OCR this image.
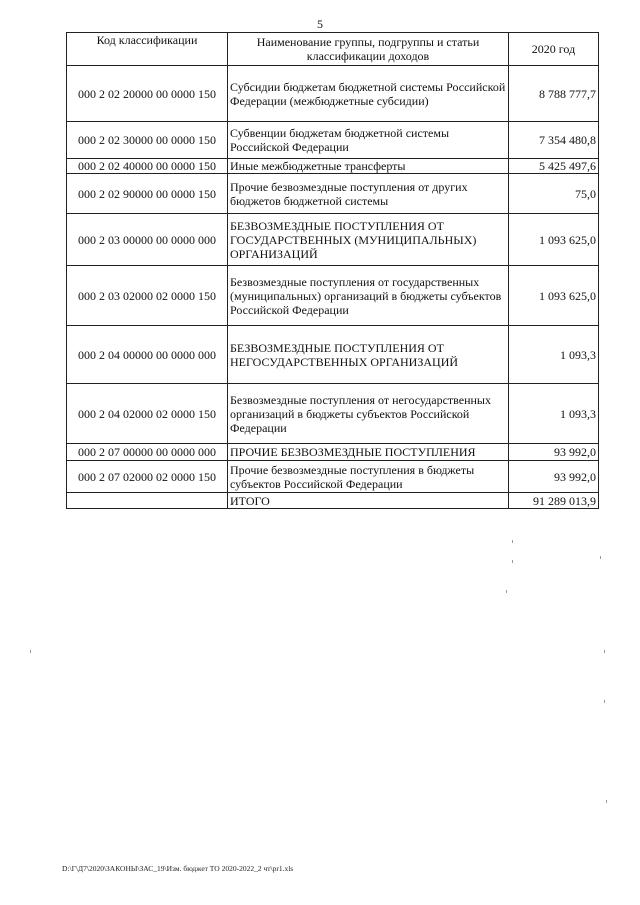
5
Код классификации	Наименование группы, подгруппы и статьи классификации доходов	2020 год
000 2 02 20000 00 0000 150	Субсидии бюджетам бюджетной системы Российской Федерации (межбюджетные субсидии)	8 788 777,7
000 2 02 30000 00 0000 150	Субвенции бюджетам бюджетной системы Российской Федерации	7 354 480,8
000 2 02 40000 00 0000 150	Иные межбюджетные трансферты	5 425 497,6
000 2 02 90000 00 0000 150	Прочие безвозмездные поступления от других бюджетов бюджетной системы	75,0
000 2 03 00000 00 0000 000	БЕЗВОЗМЕЗДНЫЕ ПОСТУПЛЕНИЯ ОТ ГОСУДАРСТВЕННЫХ (МУНИЦИПАЛЬНЫХ) ОРГАНИЗАЦИЙ	1 093 625,0
000 2 03 02000 02 0000 150	Безвозмездные поступления от государственных (муниципальных) организаций в бюджеты субъектов Российской Федерации	1 093 625,0
000 2 04 00000 00 0000 000	БЕЗВОЗМЕЗДНЫЕ ПОСТУПЛЕНИЯ ОТ НЕГОСУДАРСТВЕННЫХ ОРГАНИЗАЦИЙ	1 093,3
000 2 04 02000 02 0000 150	Безвозмездные поступления от негосударственных организаций в бюджеты субъектов Российской Федерации	1 093,3
000 2 07 00000 00 0000 000	ПРОЧИЕ БЕЗВОЗМЕЗДНЫЕ ПОСТУПЛЕНИЯ	93 992,0
000 2 07 02000 02 0000 150	Прочие безвозмездные поступления в бюджеты субъектов Российской Федерации	93 992,0
	ИТОГО	91 289 013,9
D:\Г\Д7\2020\ЗАКОНЫ\ЗАС_19\Изм. бюджет ТО 2020-2022_2 чт\pr1.xls
